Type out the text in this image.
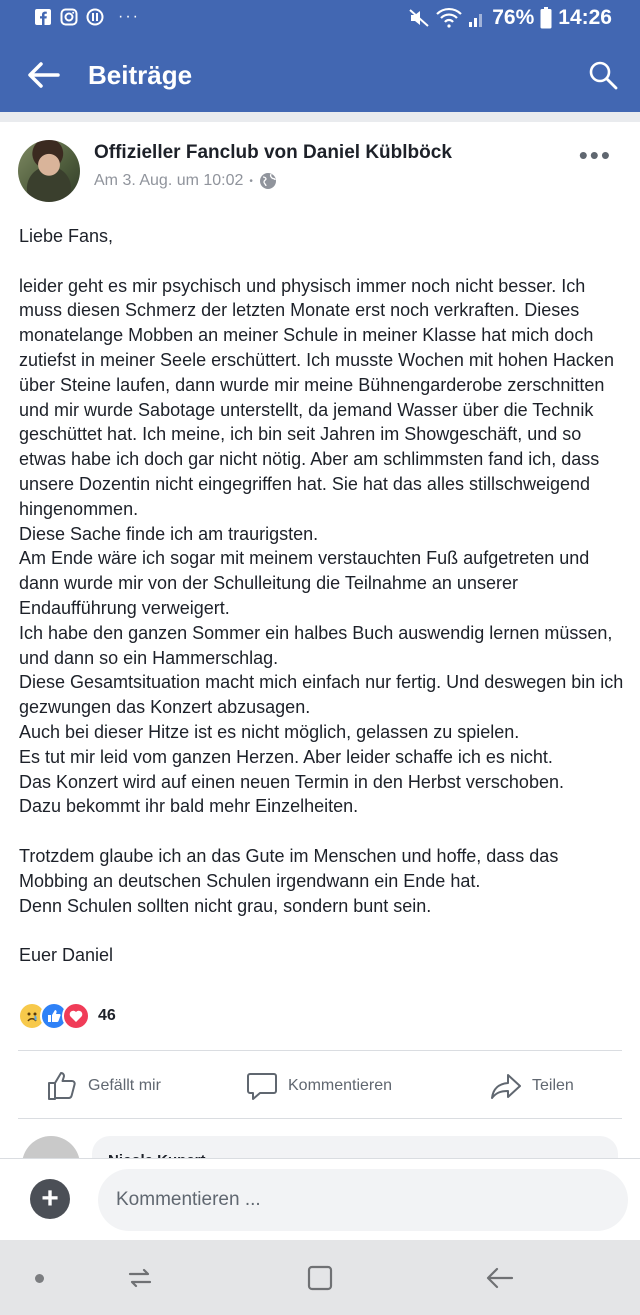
···	76% 14:26
Beiträge
Offizieller Fanclub von Daniel Küblböck
Am 3. Aug. um 10:02 •
•••

Liebe Fans,

leider geht es mir psychisch und physisch immer noch nicht besser. Ich muss diesen Schmerz der letzten Monate erst noch verkraften. Dieses monatelange Mobben an meiner Schule in meiner Klasse hat mich doch zutiefst in meiner Seele erschüttert. Ich musste Wochen mit hohen Hacken über Steine laufen, dann wurde mir meine Bühnengarderobe zerschnitten und mir wurde Sabotage unterstellt, da jemand Wasser über die Technik geschüttet hat. Ich meine, ich bin seit Jahren im Showgeschäft, und so etwas habe ich doch gar nicht nötig. Aber am schlimmsten fand ich, dass unsere Dozentin nicht eingegriffen hat. Sie hat das alles stillschweigend hingenommen.

Diese Sache finde ich am traurigsten.

Am Ende wäre ich sogar mit meinem verstauchten Fuß aufgetreten und dann wurde mir von der Schulleitung die Teilnahme an unserer Endaufführung verweigert.

Ich habe den ganzen Sommer ein halbes Buch auswendig lernen müssen, und dann so ein Hammerschlag.

Diese Gesamtsituation macht mich einfach nur fertig. Und deswegen bin ich gezwungen das Konzert abzusagen.

Auch bei dieser Hitze ist es nicht möglich, gelassen zu spielen.

Es tut mir leid vom ganzen Herzen. Aber leider schaffe ich es nicht.

Das Konzert wird auf einen neuen Termin in den Herbst verschoben.

Dazu bekommt ihr bald mehr Einzelheiten.

Trotzdem glaube ich an das Gute im Menschen und hoffe, dass das Mobbing an deutschen Schulen irgendwann ein Ende hat.

Denn Schulen sollten nicht grau, sondern bunt sein.

Euer Daniel

46
Gefällt mir	Kommentieren	Teilen
+	Kommentieren ...
